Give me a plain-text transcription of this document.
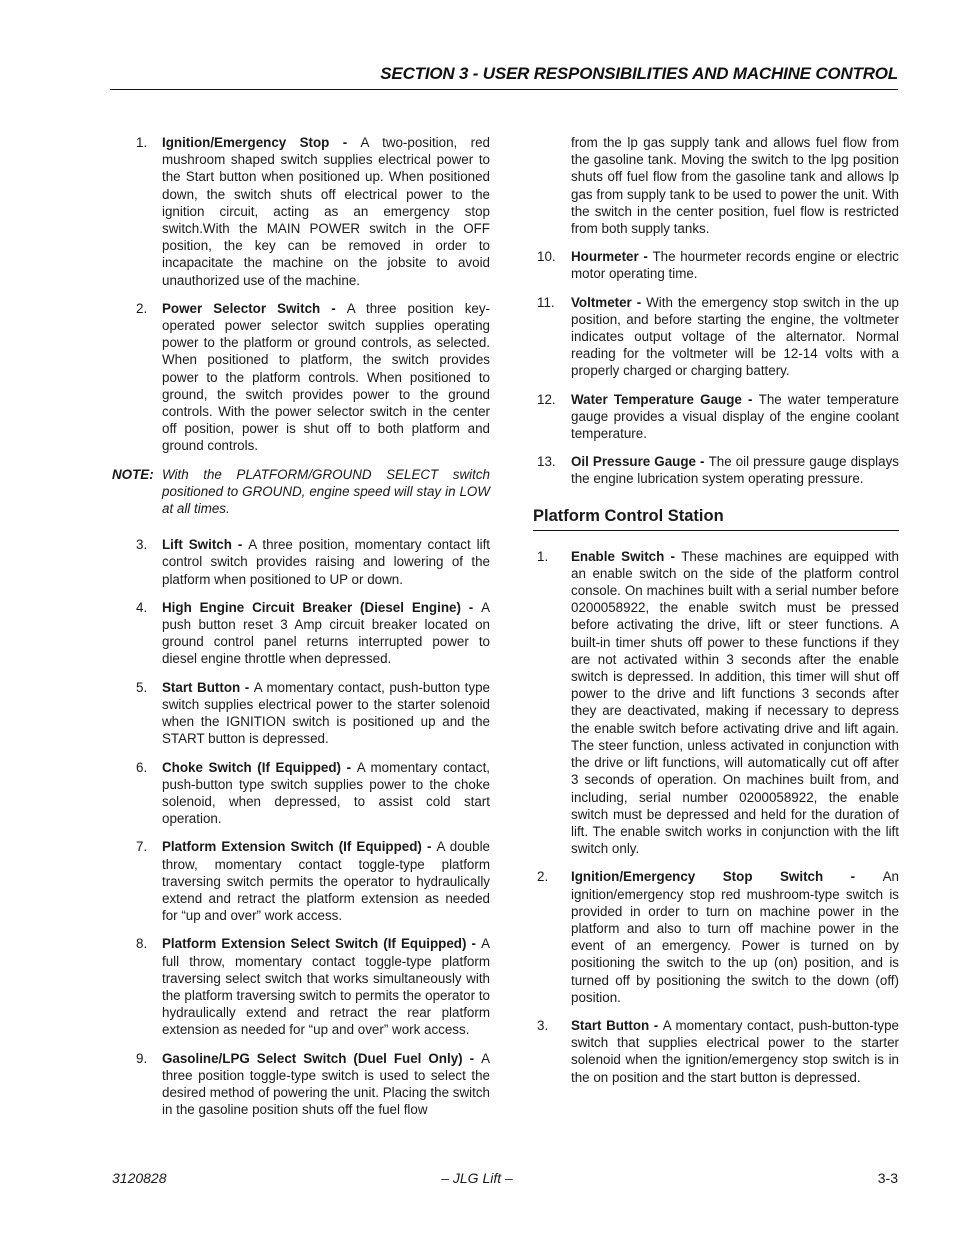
SECTION 3 - USER RESPONSIBILITIES AND MACHINE CONTROL
1. Ignition/Emergency Stop - A two-position, red mushroom shaped switch supplies electrical power to the Start button when positioned up. When positioned down, the switch shuts off electrical power to the ignition circuit, acting as an emergency stop switch.With the MAIN POWER switch in the OFF position, the key can be removed in order to incapacitate the machine on the jobsite to avoid unauthorized use of the machine.
2. Power Selector Switch - A three position key-operated power selector switch supplies operating power to the platform or ground controls, as selected. When positioned to platform, the switch provides power to the platform controls. When positioned to ground, the switch provides power to the ground controls. With the power selector switch in the center off position, power is shut off to both platform and ground controls.
NOTE: With the PLATFORM/GROUND SELECT switch positioned to GROUND, engine speed will stay in LOW at all times.
3. Lift Switch - A three position, momentary contact lift control switch provides raising and lowering of the platform when positioned to UP or down.
4. High Engine Circuit Breaker (Diesel Engine) - A push button reset 3 Amp circuit breaker located on ground control panel returns interrupted power to diesel engine throttle when depressed.
5. Start Button - A momentary contact, push-button type switch supplies electrical power to the starter solenoid when the IGNITION switch is positioned up and the START button is depressed.
6. Choke Switch (If Equipped) - A momentary contact, push-button type switch supplies power to the choke solenoid, when depressed, to assist cold start operation.
7. Platform Extension Switch (If Equipped) - A double throw, momentary contact toggle-type platform traversing switch permits the operator to hydraulically extend and retract the platform extension as needed for “up and over” work access.
8. Platform Extension Select Switch (If Equipped) - A full throw, momentary contact toggle-type platform traversing select switch that works simultaneously with the platform traversing switch to permits the operator to hydraulically extend and retract the rear platform extension as needed for “up and over” work access.
9. Gasoline/LPG Select Switch (Duel Fuel Only) - A three position toggle-type switch is used to select the desired method of powering the unit. Placing the switch in the gasoline position shuts off the fuel flow
from the lp gas supply tank and allows fuel flow from the gasoline tank. Moving the switch to the lpg position shuts off fuel flow from the gasoline tank and allows lp gas from supply tank to be used to power the unit. With the switch in the center position, fuel flow is restricted from both supply tanks.
10. Hourmeter - The hourmeter records engine or electric motor operating time.
11. Voltmeter - With the emergency stop switch in the up position, and before starting the engine, the voltmeter indicates output voltage of the alternator. Normal reading for the voltmeter will be 12-14 volts with a properly charged or charging battery.
12. Water Temperature Gauge - The water temperature gauge provides a visual display of the engine coolant temperature.
13. Oil Pressure Gauge - The oil pressure gauge displays the engine lubrication system operating pressure.
Platform Control Station
1. Enable Switch - These machines are equipped with an enable switch on the side of the platform control console. On machines built with a serial number before 0200058922, the enable switch must be pressed before activating the drive, lift or steer functions. A built-in timer shuts off power to these functions if they are not activated within 3 seconds after the enable switch is depressed. In addition, this timer will shut off power to the drive and lift functions 3 seconds after they are deactivated, making if necessary to depress the enable switch before activating drive and lift again. The steer function, unless activated in conjunction with the drive or lift functions, will automatically cut off after 3 seconds of operation. On machines built from, and including, serial number 0200058922, the enable switch must be depressed and held for the duration of lift. The enable switch works in conjunction with the lift switch only.
2. Ignition/Emergency Stop Switch - An ignition/emergency stop red mushroom-type switch is provided in order to turn on machine power in the platform and also to turn off machine power in the event of an emergency. Power is turned on by positioning the switch to the up (on) position, and is turned off by positioning the switch to the down (off) position.
3. Start Button - A momentary contact, push-button-type switch that supplies electrical power to the starter solenoid when the ignition/emergency stop switch is in the on position and the start button is depressed.
3120828	– JLG Lift –	3-3
